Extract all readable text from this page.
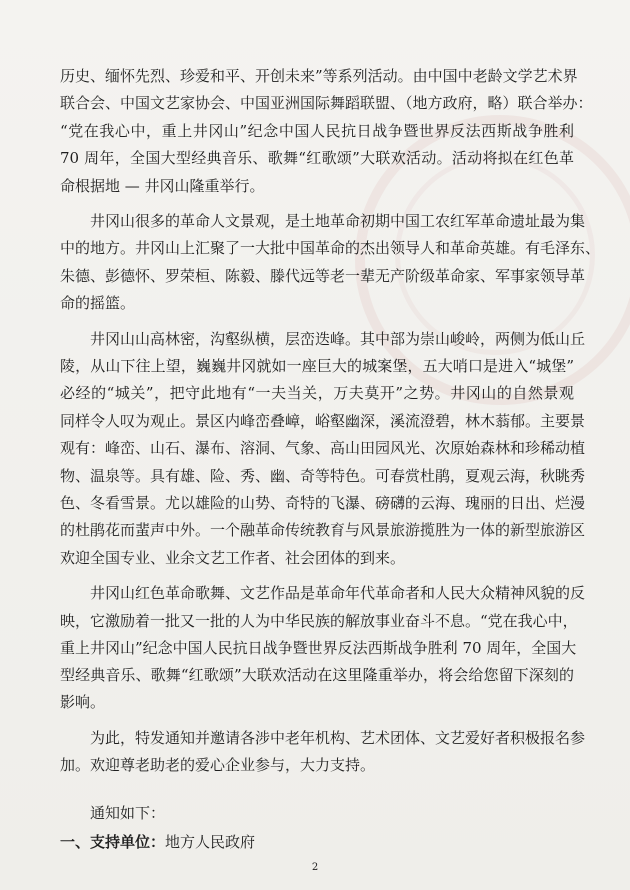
历史、缅怀先烈、珍爱和平、开创未来”等系列活动。由中国中老龄文学艺术界
联合会、中国文艺家协会、中国亚洲国际舞蹈联盟、（地方政府，略）联合举办：
“党在我心中，重上井冈山”纪念中国人民抗日战争暨世界反法西斯战争胜利
70 周年，全国大型经典音乐、歌舞“红歌颂”大联欢活动。活动将拟在红色革
命根据地 — 井冈山隆重举行。
井冈山很多的革命人文景观，是土地革命初期中国工农红军革命遗址最为集
中的地方。井冈山上汇聚了一大批中国革命的杰出领导人和革命英雄。有毛泽东、
朱德、彭德怀、罗荣桓、陈毅、滕代远等老一辈无产阶级革命家、军事家领导革
命的摇篮。
井冈山山高林密，沟壑纵横，层峦迭峰。其中部为崇山峻岭，两侧为低山丘
陵，从山下往上望，巍巍井冈就如一座巨大的城案堡，五大哨口是进入“城堡”
必经的“城关”，把守此地有“一夫当关，万夫莫开”之势。井冈山的自然景观
同样令人叹为观止。景区内峰峦叠嶂，峪壑幽深，溪流澄碧，林木蓊郁。主要景
观有：峰峦、山石、瀑布、溶洞、气象、高山田园风光、次原始森林和珍稀动植
物、温泉等。具有雄、险、秀、幽、奇等特色。可春赏杜鹃，夏观云海，秋眺秀
色、冬看雪景。尤以雄险的山势、奇特的飞瀑、磅礴的云海、瑰丽的日出、烂漫
的杜鹃花而蜚声中外。一个融革命传统教育与风景旅游揽胜为一体的新型旅游区
欢迎全国专业、业余文艺工作者、社会团体的到来。
井冈山红色革命歌舞、文艺作品是革命年代革命者和人民大众精神风貌的反
映，它激励着一批又一批的人为中华民族的解放事业奋斗不息。“党在我心中，
重上井冈山”纪念中国人民抗日战争暨世界反法西斯战争胜利 70 周年，全国大
型经典音乐、歌舞“红歌颂”大联欢活动在这里隆重举办，将会给您留下深刻的
影响。
为此，特发通知并邀请各涉中老年机构、艺术团体、文艺爱好者积极报名参
加。欢迎尊老助老的爱心企业参与，大力支持。
通知如下：
一、支持单位：地方人民政府
2
